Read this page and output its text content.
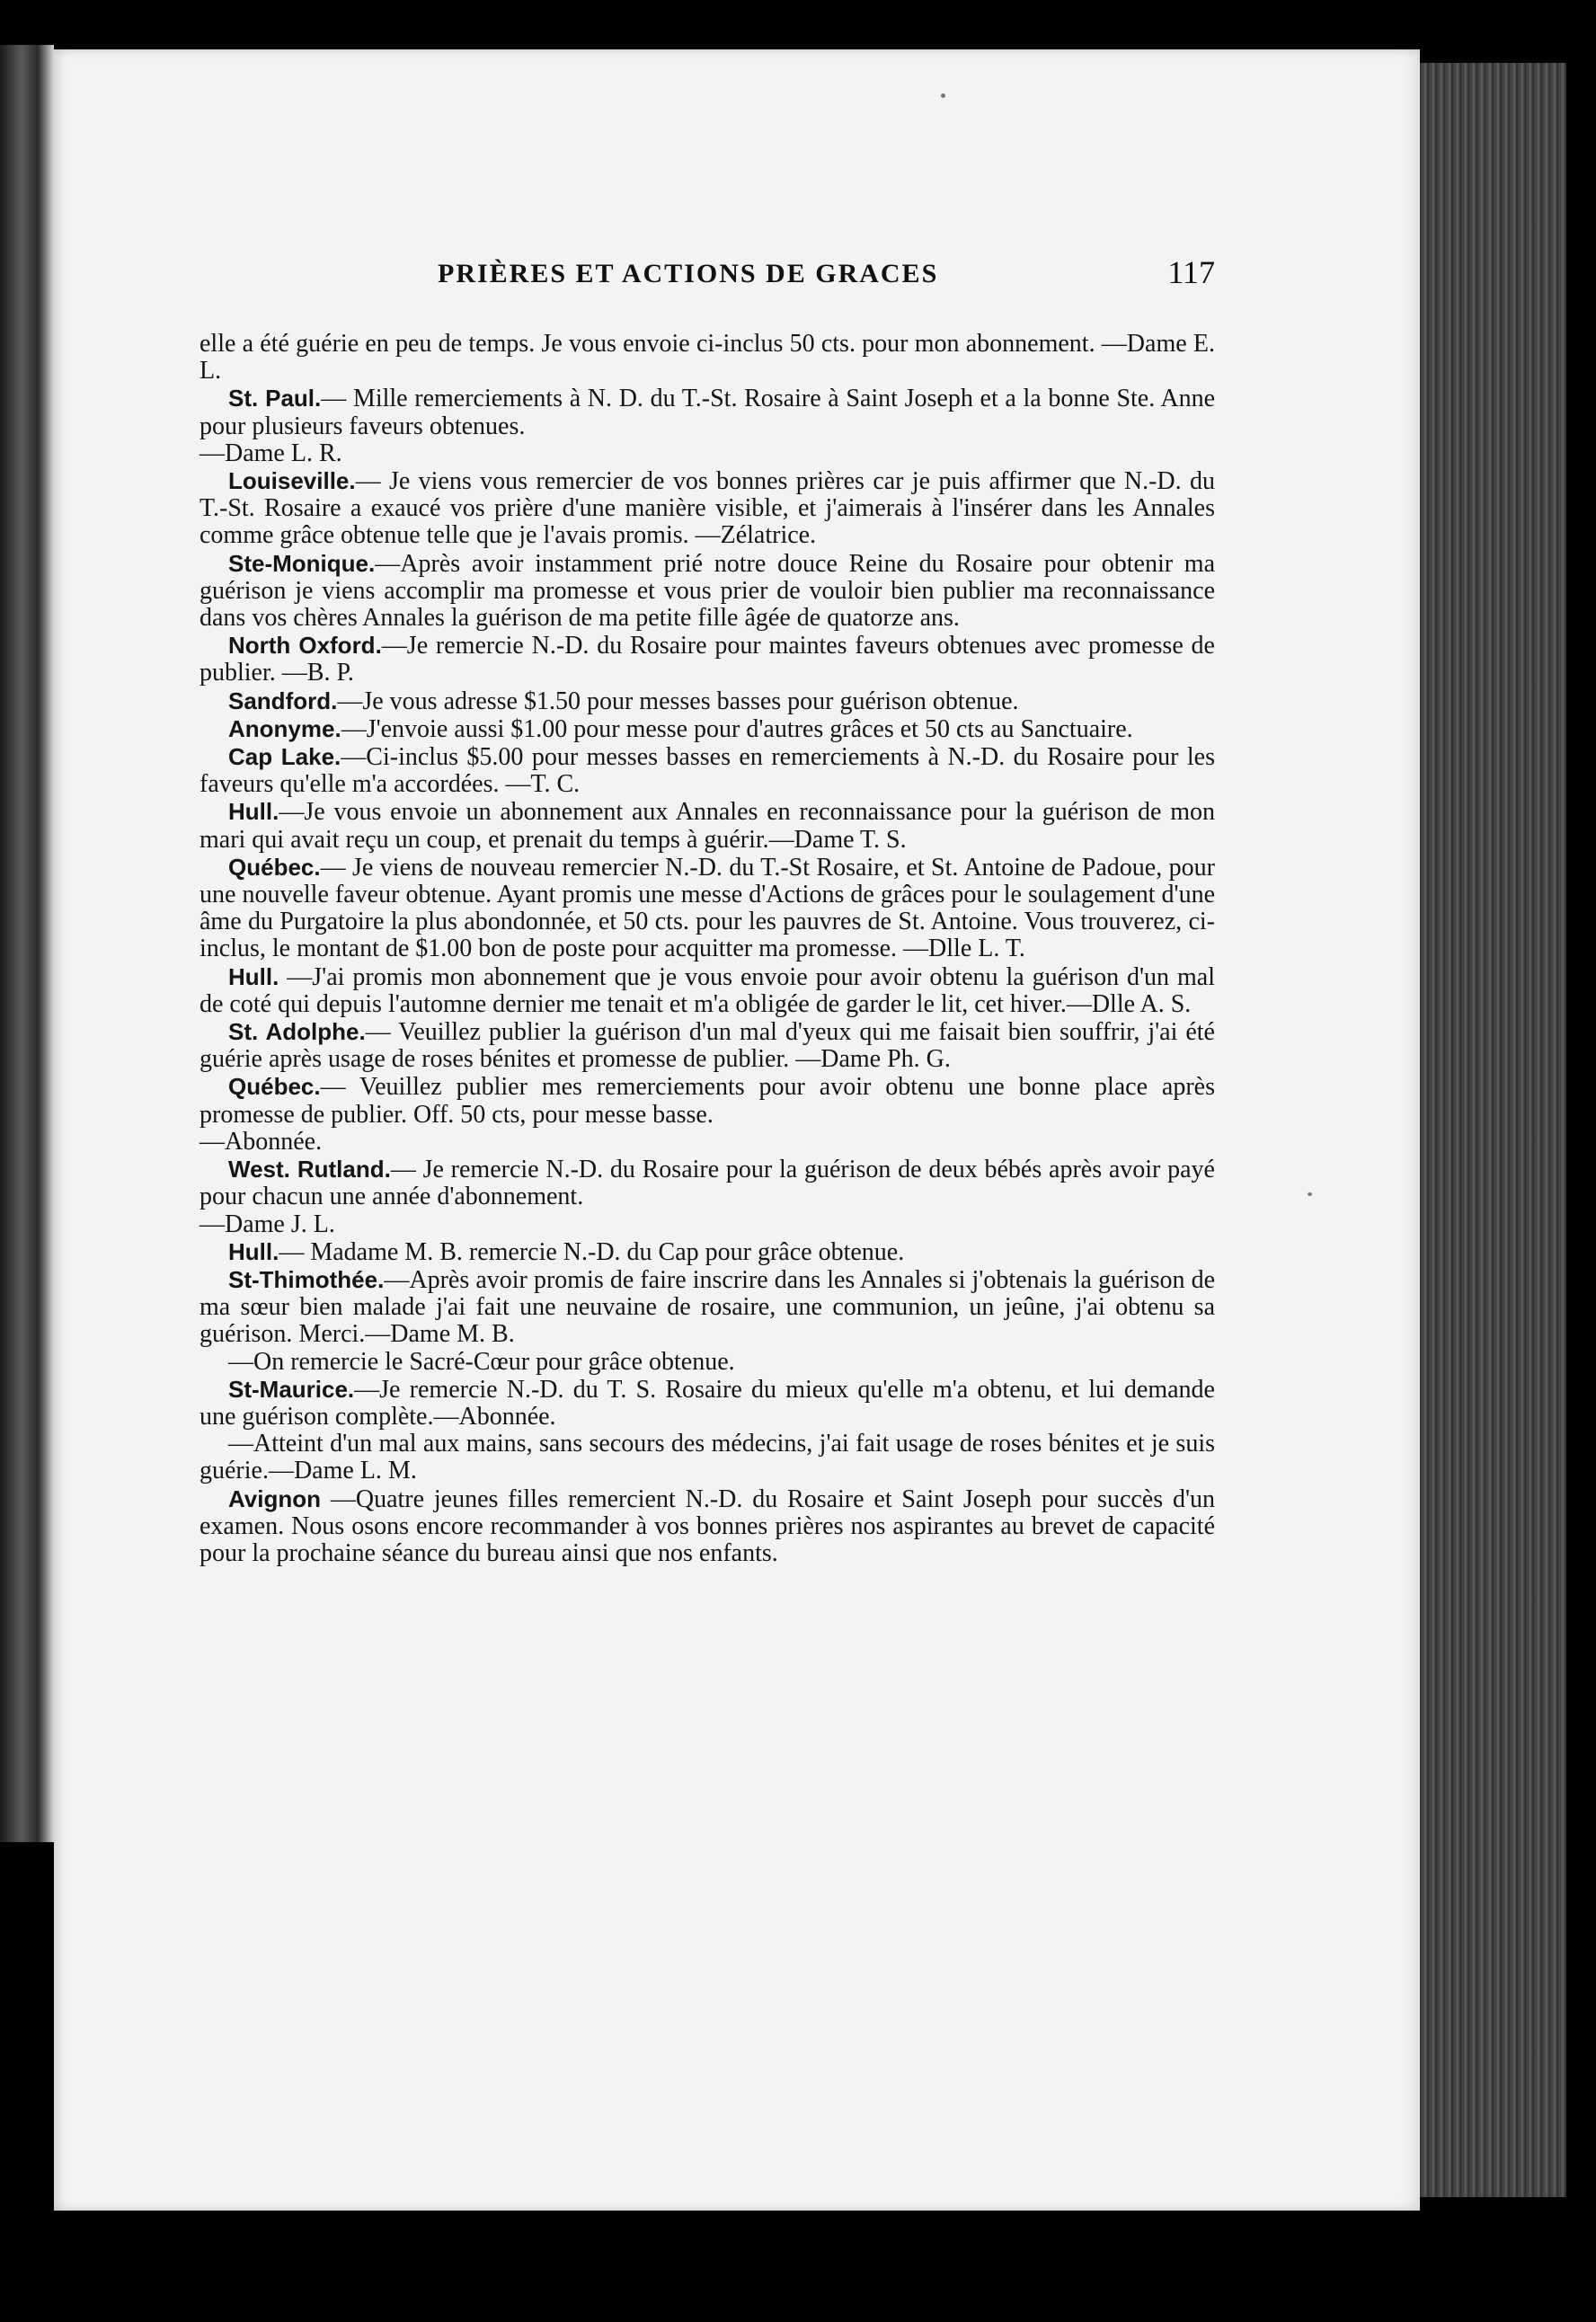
PRIÈRES ET ACTIONS DE GRACES	117

elle a été guérie en peu de temps. Je vous envoie ci-inclus 50 cts. pour mon abonnement. —Dame E. L.

St. Paul.— Mille remerciements à N. D. du T.-St. Rosaire à Saint Joseph et a la bonne Ste. Anne pour plusieurs faveurs obtenues.

—Dame L. R.

Louiseville.— Je viens vous remercier de vos bonnes prières car je puis affirmer que N.-D. du T.-St. Rosaire a exaucé vos prière d'une manière visible, et j'aimerais à l'insérer dans les Annales comme grâce obtenue telle que je l'avais promis. —Zélatrice.

Ste-Monique.—Après avoir instamment prié notre douce Reine du Rosaire pour obtenir ma guérison je viens accomplir ma promesse et vous prier de vouloir bien publier ma reconnaissance dans vos chères Annales la guérison de ma petite fille âgée de quatorze ans.

North Oxford.—Je remercie N.-D. du Rosaire pour maintes faveurs obtenues avec promesse de publier. —B. P.

Sandford.—Je vous adresse $1.50 pour messes basses pour guérison obtenue.

Anonyme.—J'envoie aussi $1.00 pour messe pour d'autres grâces et 50 cts au Sanctuaire.

Cap Lake.—Ci-inclus $5.00 pour messes basses en remerciements à N.-D. du Rosaire pour les faveurs qu'elle m'a accordées. —T. C.

Hull.—Je vous envoie un abonnement aux Annales en reconnaissance pour la guérison de mon mari qui avait reçu un coup, et prenait du temps à guérir.—Dame T. S.

Québec.— Je viens de nouveau remercier N.-D. du T.-St Rosaire, et St. Antoine de Padoue, pour une nouvelle faveur obtenue. Ayant promis une messe d'Actions de grâces pour le soulagement d'une âme du Purgatoire la plus abondonnée, et 50 cts. pour les pauvres de St. Antoine. Vous trouverez, ci-inclus, le montant de $1.00 bon de poste pour acquitter ma promesse. —Dlle L. T.

Hull. —J'ai promis mon abonnement que je vous envoie pour avoir obtenu la guérison d'un mal de coté qui depuis l'automne dernier me tenait et m'a obligée de garder le lit, cet hiver.—Dlle A. S.

St. Adolphe.— Veuillez publier la guérison d'un mal d'yeux qui me faisait bien souffrir, j'ai été guérie après usage de roses bénites et promesse de publier. —Dame Ph. G.

Québec.— Veuillez publier mes remerciements pour avoir obtenu une bonne place après promesse de publier. Off. 50 cts, pour messe basse.

—Abonnée.

West. Rutland.— Je remercie N.-D. du Rosaire pour la guérison de deux bébés après avoir payé pour chacun une année d'abonnement.

—Dame J. L.

Hull.— Madame M. B. remercie N.-D. du Cap pour grâce obtenue.

St-Thimothée.—Après avoir promis de faire inscrire dans les Annales si j'obtenais la guérison de ma sœur bien malade j'ai fait une neuvaine de rosaire, une communion, un jeûne, j'ai obtenu sa guérison. Merci.—Dame M. B.

—On remercie le Sacré-Cœur pour grâce obtenue.

St-Maurice.—Je remercie N.-D. du T. S. Rosaire du mieux qu'elle m'a obtenu, et lui demande une guérison complète.—Abonnée.

—Atteint d'un mal aux mains, sans secours des médecins, j'ai fait usage de roses bénites et je suis guérie.—Dame L. M.

Avignon —Quatre jeunes filles remercient N.-D. du Rosaire et Saint Joseph pour succès d'un examen. Nous osons encore recommander à vos bonnes prières nos aspirantes au brevet de capacité pour la prochaine séance du bureau ainsi que nos enfants.
